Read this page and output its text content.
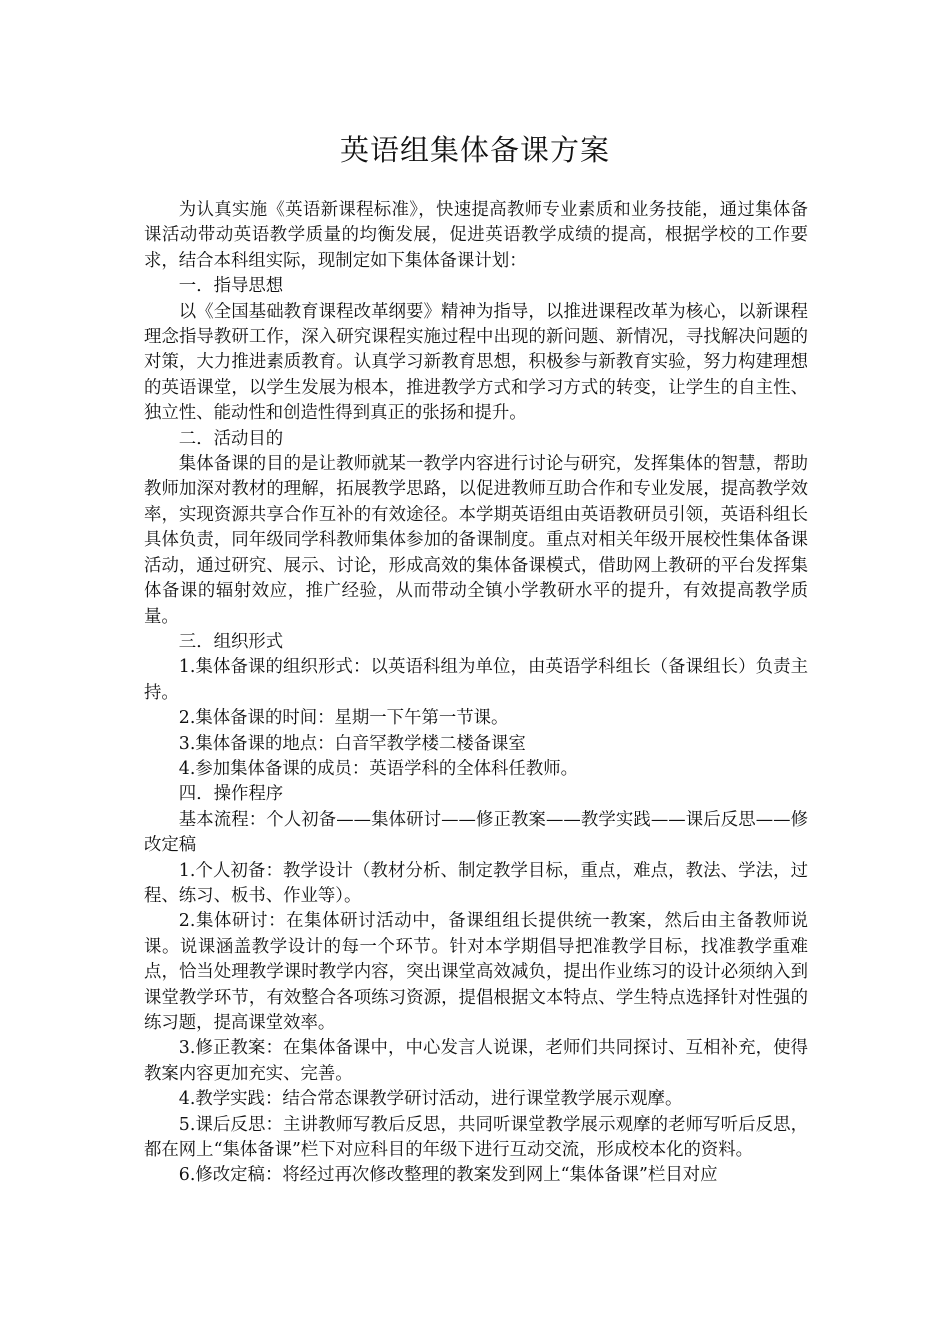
英语组集体备课方案

为认真实施《英语新课程标准》，快速提高教师专业素质和业务技能，通过集体备课活动带动英语教学质量的均衡发展，促进英语教学成绩的提高，根据学校的工作要求，结合本科组实际，现制定如下集体备课计划：

一．指导思想

以《全国基础教育课程改革纲要》精神为指导，以推进课程改革为核心，以新课程理念指导教研工作，深入研究课程实施过程中出现的新问题、新情况，寻找解决问题的对策，大力推进素质教育。认真学习新教育思想，积极参与新教育实验，努力构建理想的英语课堂，以学生发展为根本，推进教学方式和学习方式的转变，让学生的自主性、独立性、能动性和创造性得到真正的张扬和提升。

二．活动目的

集体备课的目的是让教师就某一教学内容进行讨论与研究，发挥集体的智慧，帮助教师加深对教材的理解，拓展教学思路，以促进教师互助合作和专业发展，提高教学效率，实现资源共享合作互补的有效途径。本学期英语组由英语教研员引领，英语科组长具体负责，同年级同学科教师集体参加的备课制度。重点对相关年级开展校性集体备课活动，通过研究、展示、讨论，形成高效的集体备课模式，借助网上教研的平台发挥集体备课的辐射效应，推广经验，从而带动全镇小学教研水平的提升，有效提高教学质量。

三．组织形式

1.集体备课的组织形式：以英语科组为单位，由英语学科组长（备课组长）负责主持。

2.集体备课的时间：星期一下午第一节课。

3.集体备课的地点：白音罕教学楼二楼备课室

4.参加集体备课的成员：英语学科的全体科任教师。

四．操作程序

基本流程：个人初备——集体研讨——修正教案——教学实践——课后反思——修改定稿

1.个人初备：教学设计（教材分析、制定教学目标，重点，难点，教法、学法，过程、练习、板书、作业等）。

2.集体研讨：在集体研讨活动中，备课组组长提供统一教案，然后由主备教师说课。说课涵盖教学设计的每一个环节。针对本学期倡导把准教学目标，找准教学重难点，恰当处理教学课时教学内容，突出课堂高效减负，提出作业练习的设计必须纳入到课堂教学环节，有效整合各项练习资源，提倡根据文本特点、学生特点选择针对性强的练习题，提高课堂效率。

3.修正教案：在集体备课中，中心发言人说课，老师们共同探讨、互相补充，使得教案内容更加充实、完善。

4.教学实践：结合常态课教学研讨活动，进行课堂教学展示观摩。

5.课后反思：主讲教师写教后反思，共同听课堂教学展示观摩的老师写听后反思，都在网上“集体备课”栏下对应科目的年级下进行互动交流，形成校本化的资料。

6.修改定稿：将经过再次修改整理的教案发到网上“集体备课”栏目对应
